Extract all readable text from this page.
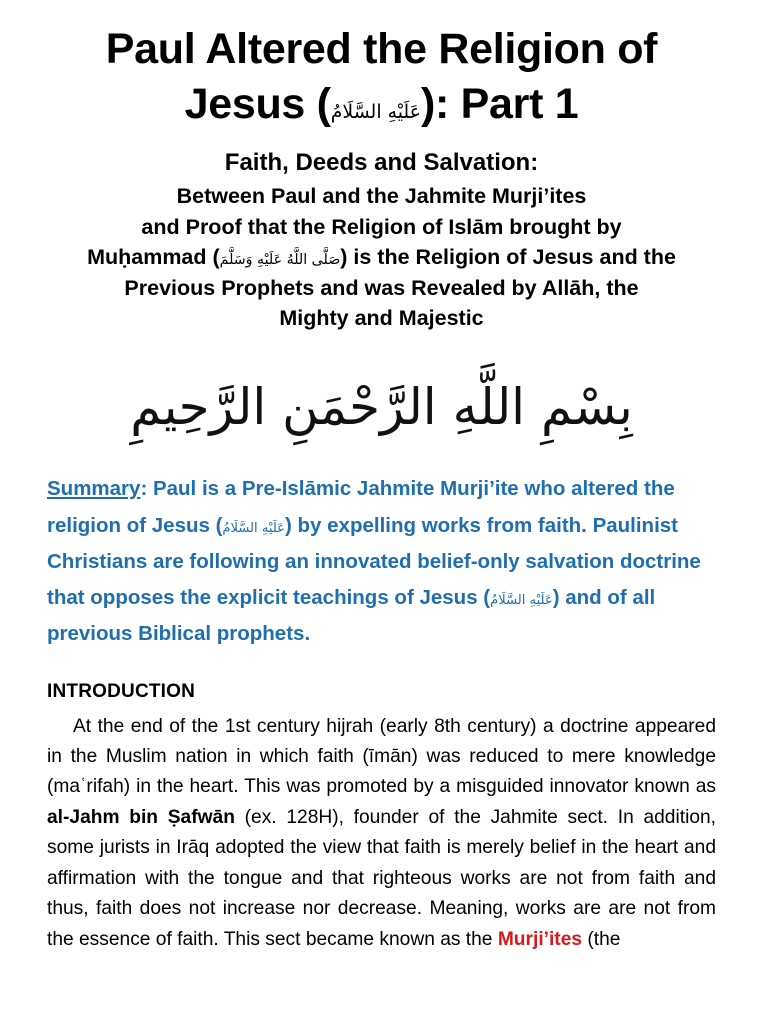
Paul Altered the Religion of
Jesus (عَلَيْهِ السَّلَامُ): Part 1
Faith, Deeds and Salvation:
Between Paul and the Jahmite Murji’ites
and Proof that the Religion of Islām brought by
Muḥammad (صَلَّى اللَّهُ عَلَيْهِ وَسَلَّمَ) is the Religion of Jesus and the
Previous Prophets and was Revealed by Allāh, the
Mighty and Majestic
بِسْمِ اللَّهِ الرَّحْمَنِ الرَّحِيمِ

Summary: Paul is a Pre-Islāmic Jahmite Murji’ite who altered the religion of Jesus (عَلَيْهِ السَّلَامُ) by expelling works from faith. Paulinist Christians are following an innovated belief-only salvation doctrine that opposes the explicit teachings of Jesus (عَلَيْهِ السَّلَامُ) and of all previous Biblical prophets.

INTRODUCTION

At the end of the 1st century hijrah (early 8th century) a doctrine appeared in the Muslim nation in which faith (īmān) was reduced to mere knowledge (maʿrifah) in the heart. This was promoted by a misguided innovator known as al-Jahm bin Ṣafwān (ex. 128H), founder of the Jahmite sect. In addition, some jurists in Irāq adopted the view that faith is merely belief in the heart and affirmation with the tongue and that righteous works are not from faith and thus, faith does not increase nor decrease. Meaning, works are are not from the essence of faith. This sect became known as the Murji’ites (the
